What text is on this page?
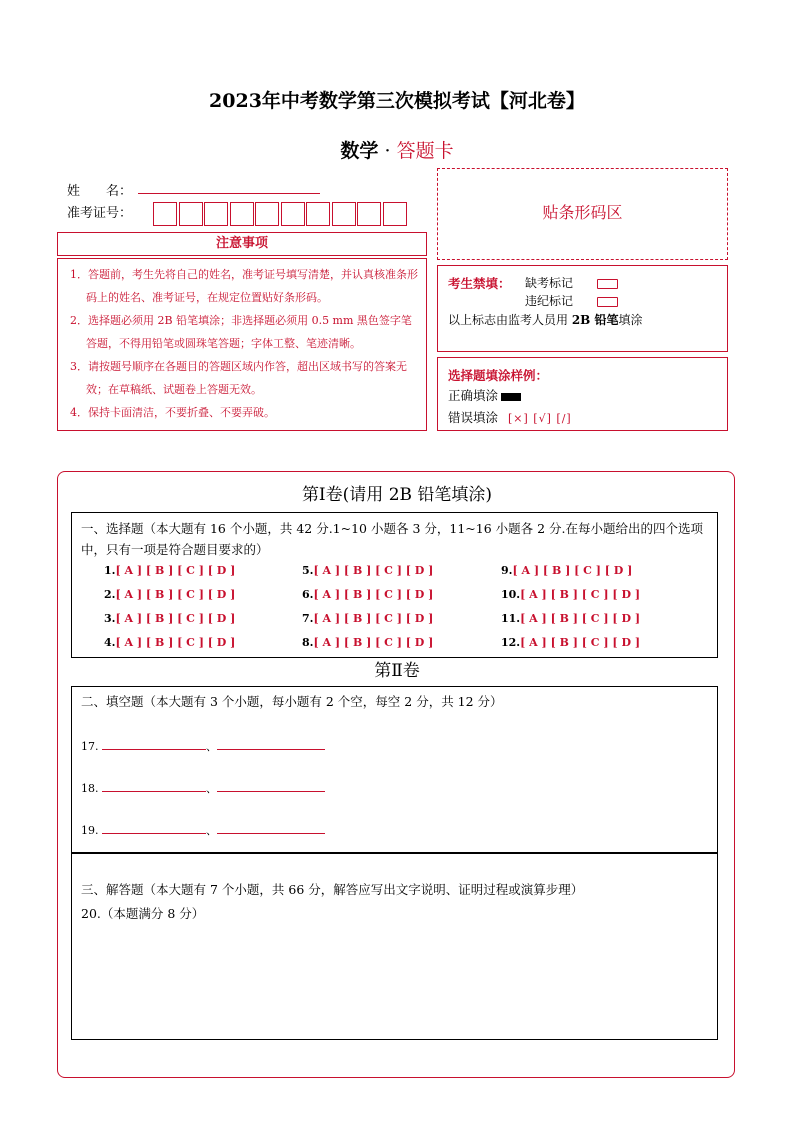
2023年中考数学第三次模拟考试【河北卷】
数学 · 答题卡
姓　　名：
准考证号：
注意事项
1．答题前，考生先将自己的姓名，准考证号填写清楚，并认真核准条形码上的姓名、准考证号，在规定位置贴好条形码。
2．选择题必须用 2B 铅笔填涂；非选择题必须用 0.5 mm 黑色签字笔答题，不得用铅笔或圆珠笔答题；字体工整、笔迹清晰。
3．请按题号顺序在各题目的答题区域内作答，超出区域书写的答案无效；在草稿纸、试题卷上答题无效。
4．保持卡面清洁，不要折叠、不要弄破。
贴条形码区
考生禁填： 缺考标记
违纪标记
以上标志由监考人员用 2B 铅笔填涂
选择题填涂样例：
正确填涂
错误填涂 [×] [√] [/]
第Ⅰ卷(请用 2B 铅笔填涂)
一、选择题（本大题有 16 个小题，共 42 分.1~10 小题各 3 分，11~16 小题各 2 分.在每小题给出的四个选项中，只有一项是符合题目要求的）
1.[ A ] [ B ] [ C ] [ D ]
2.[ A ] [ B ] [ C ] [ D ]
3.[ A ] [ B ] [ C ] [ D ]
4.[ A ] [ B ] [ C ] [ D ]
5.[ A ] [ B ] [ C ] [ D ]
6.[ A ] [ B ] [ C ] [ D ]
7.[ A ] [ B ] [ C ] [ D ]
8.[ A ] [ B ] [ C ] [ D ]
9.[ A ] [ B ] [ C ] [ D ]
10.[ A ] [ B ] [ C ] [ D ]
11.[ A ] [ B ] [ C ] [ D ]
12.[ A ] [ B ] [ C ] [ D ]
第Ⅱ卷
二、填空题（本大题有 3 个小题，每小题有 2 个空，每空 2 分，共 12 分）
17.	、
18.	、
19.	、
三、解答题（本大题有 7 个小题，共 66 分，解答应写出文字说明、证明过程或演算步理）
20.（本题满分 8 分）
